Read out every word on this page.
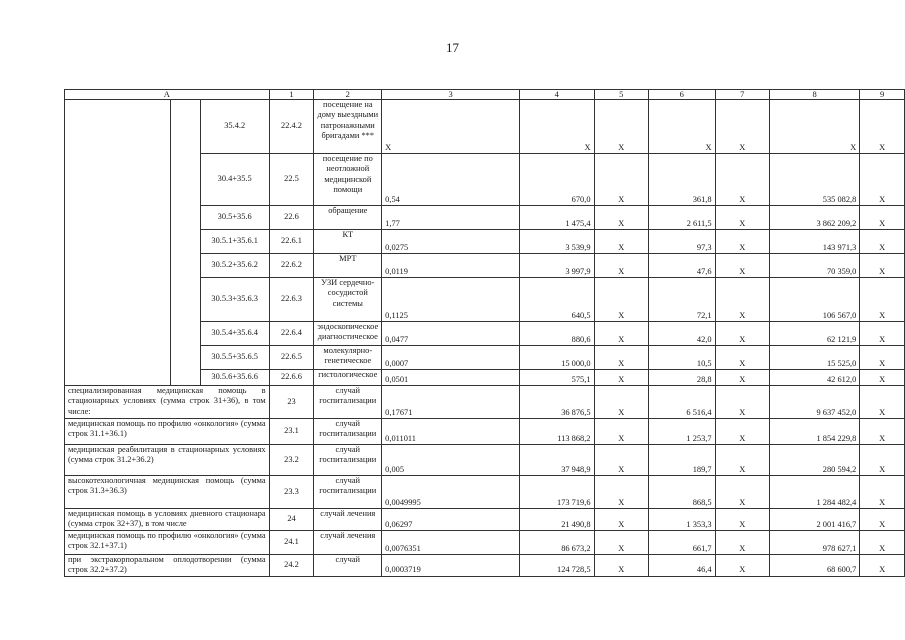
17
А			1	2	3	4	5	6	7	8	9
		35.4.2	22.4.2	посещение на дому выездными патронажными бригадами ***	Х	Х	Х	Х	Х	Х	Х
		30.4+35.5	22.5	посещение по неотложной медицинской помощи	0,54	670,0	Х	361,8	Х	535 082,8	Х
		30.5+35.6	22.6	обращение	1,77	1 475,4	Х	2 611,5	Х	3 862 209,2	Х
		30.5.1+35.6.1	22.6.1	КТ	0,0275	3 539,9	Х	97,3	Х	143 971,3	Х
		30.5.2+35.6.2	22.6.2	МРТ	0,0119	3 997,9	Х	47,6	Х	70 359,0	Х
		30.5.3+35.6.3	22.6.3	УЗИ сердечно-сосудистой системы	0,1125	640,5	Х	72,1	Х	106 567,0	Х
		30.5.4+35.6.4	22.6.4	эндоскопическое диагностическое	0,0477	880,6	Х	42,0	Х	62 121,9	Х
		30.5.5+35.6.5	22.6.5	молекулярно-генетическое	0,0007	15 000,0	Х	10,5	Х	15 525,0	Х
		30.5.6+35.6.6	22.6.6	гистологическое	0,0501	575,1	Х	28,8	Х	42 612,0	Х
специализированная медицинская помощь в стационарных условиях (сумма строк 31+36), в том числе:			23	случай госпитализации	0,17671	36 876,5	Х	6 516,4	Х	9 637 452,0	Х
медицинская помощь по профилю «онкология» (сумма строк 31.1+36.1)			23.1	случай госпитализации	0,011011	113 868,2	Х	1 253,7	Х	1 854 229,8	Х
медицинская реабилитация в стационарных условиях (сумма строк 31.2+36.2)			23.2	случай госпитализации	0,005	37 948,9	Х	189,7	Х	280 594,2	Х
высокотехнологичная медицинская помощь (сумма строк 31.3+36.3)			23.3	случай госпитализации	0,0049995	173 719,6	Х	868,5	Х	1 284 482,4	Х
медицинская помощь в условиях дневного стационара (сумма строк 32+37), в том числе			24	случай лечения	0,06297	21 490,8	Х	1 353,3	Х	2 001 416,7	Х
медицинская помощь по профилю «онкология» (сумма строк 32.1+37.1)			24.1	случай лечения	0,0076351	86 673,2	Х	661,7	Х	978 627,1	Х
при экстракорпоральном оплодотворении (сумма строк 32.2+37.2)			24.2	случай	0,0003719	124 728,5	Х	46,4	Х	68 600,7	Х
